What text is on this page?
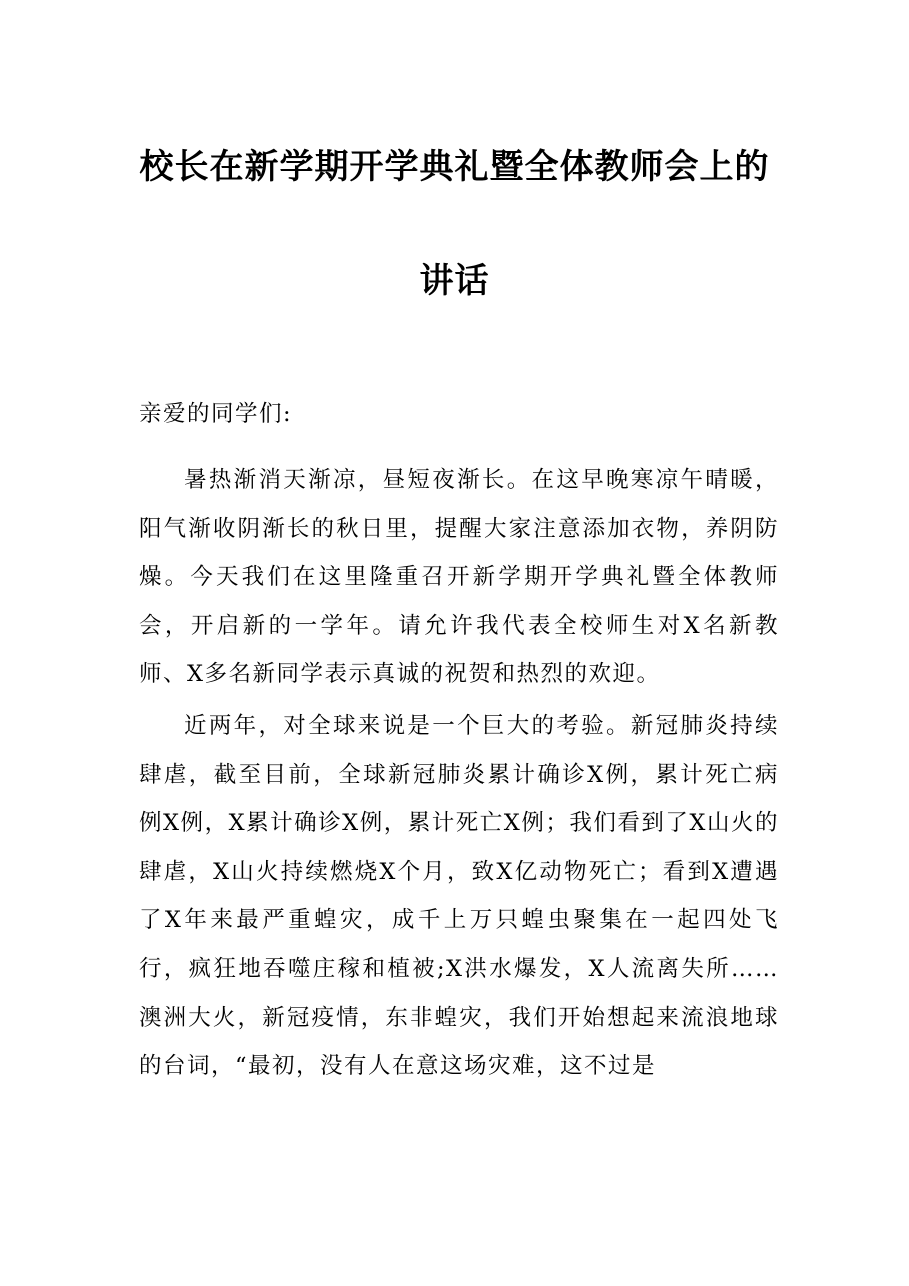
校长在新学期开学典礼暨全体教师会上的
讲话
亲爱的同学们:
暑热渐消天渐凉，昼短夜渐长。在这早晚寒凉午晴暖，阳气渐收阴渐长的秋日里，提醒大家注意添加衣物，养阴防燥。今天我们在这里隆重召开新学期开学典礼暨全体教师会，开启新的一学年。请允许我代表全校师生对X名新教师、X多名新同学表示真诚的祝贺和热烈的欢迎。
近两年，对全球来说是一个巨大的考验。新冠肺炎持续肆虐，截至目前，全球新冠肺炎累计确诊X例，累计死亡病例X例，X累计确诊X例，累计死亡X例；我们看到了X山火的肆虐，X山火持续燃烧X个月，致X亿动物死亡；看到X遭遇了X年来最严重蝗灾，成千上万只蝗虫聚集在一起四处飞行，疯狂地吞噬庄稼和植被;X洪水爆发，X人流离失所……澳洲大火，新冠疫情，东非蝗灾，我们开始想起来流浪地球的台词，“最初，没有人在意这场灾难，这不过是
